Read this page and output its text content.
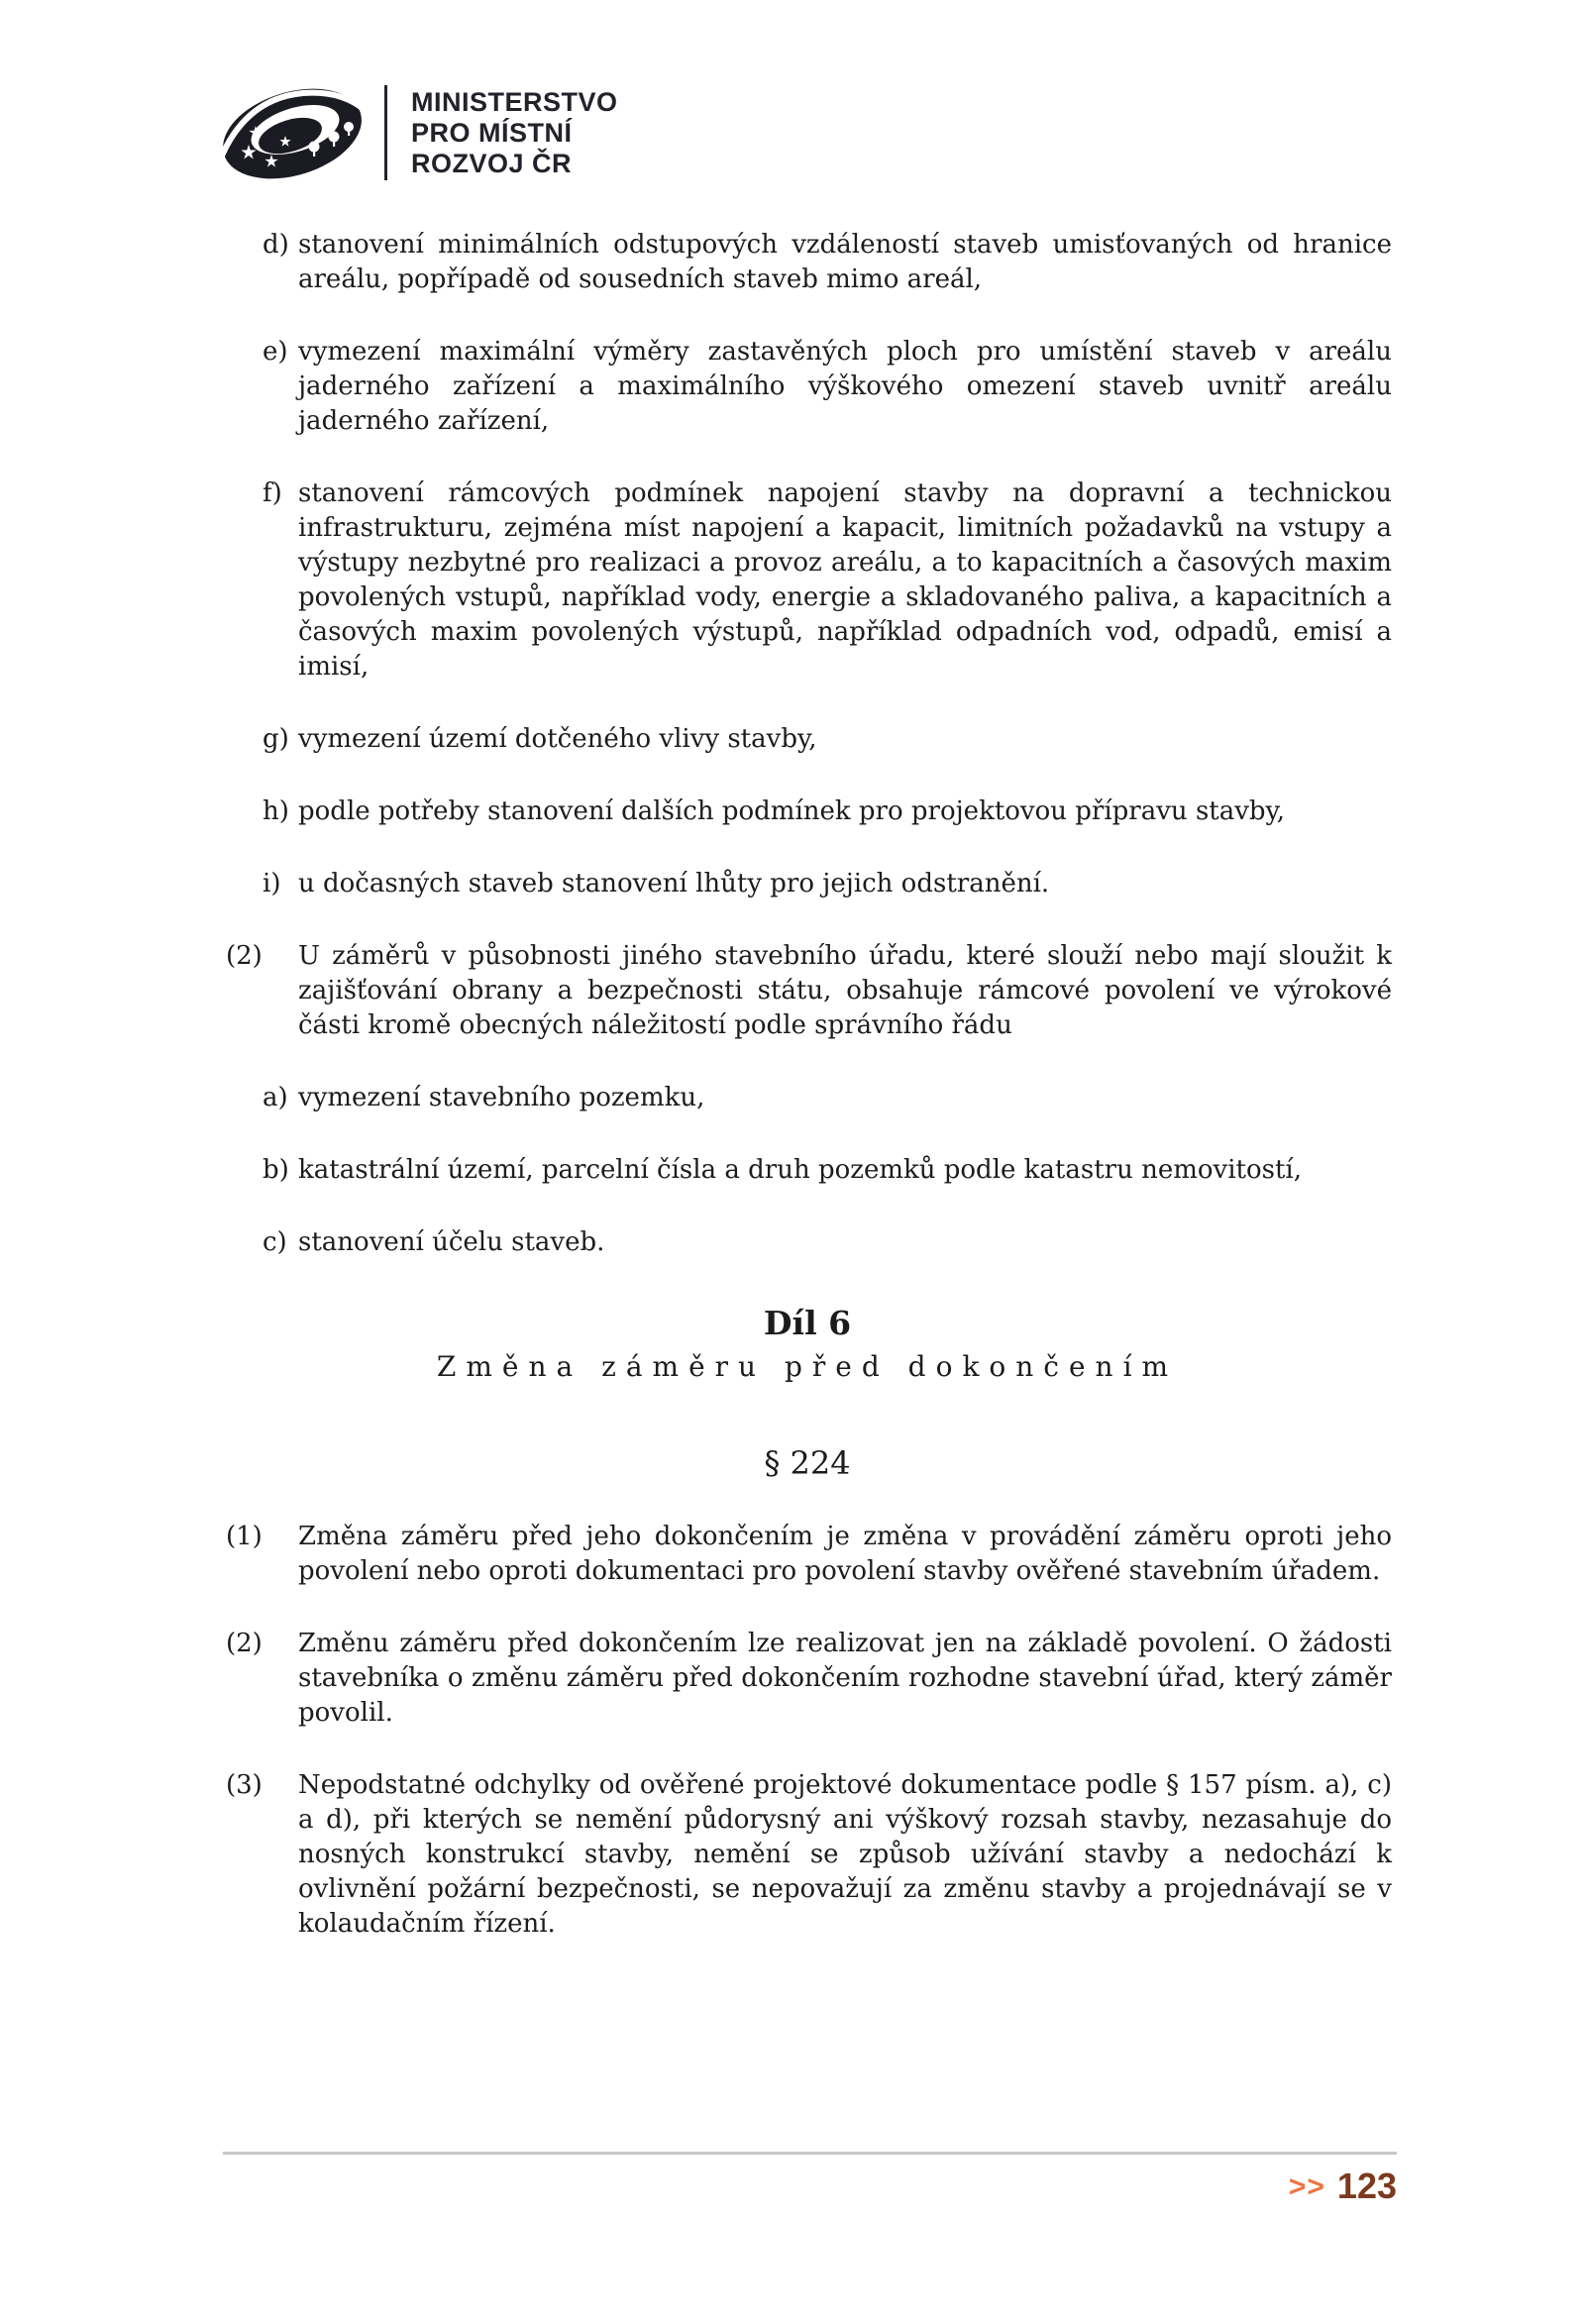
MINISTERSTVO
PRO MÍSTNÍ
ROZVOJ ČR
d) stanovení minimálních odstupových vzdáleností staveb umisťovaných od hranice areálu, popřípadě od sousedních staveb mimo areál,
e) vymezení maximální výměry zastavěných ploch pro umístění staveb v areálu jaderného zařízení a maximálního výškového omezení staveb uvnitř areálu jaderného zařízení,
f) stanovení rámcových podmínek napojení stavby na dopravní a technickou infrastrukturu, zejména míst napojení a kapacit, limitních požadavků na vstupy a výstupy nezbytné pro realizaci a provoz areálu, a to kapacitních a časových maxim povolených vstupů, například vody, energie a skladovaného paliva, a kapacitních a časových maxim povolených výstupů, například odpadních vod, odpadů, emisí a imisí,
g) vymezení území dotčeného vlivy stavby,
h) podle potřeby stanovení dalších podmínek pro projektovou přípravu stavby,
i) u dočasných staveb stanovení lhůty pro jejich odstranění.
(2)	U záměrů v působnosti jiného stavebního úřadu, které slouží nebo mají sloužit k zajišťování obrany a bezpečnosti státu, obsahuje rámcové povolení ve výrokové části kromě obecných náležitostí podle správního řádu
a) vymezení stavebního pozemku,
b) katastrální území, parcelní čísla a druh pozemků podle katastru nemovitostí,
c) stanovení účelu staveb.
Díl 6
Změna záměru před dokončením
§ 224
(1)	Změna záměru před jeho dokončením je změna v provádění záměru oproti jeho povolení nebo oproti dokumentaci pro povolení stavby ověřené stavebním úřadem.
(2)	Změnu záměru před dokončením lze realizovat jen na základě povolení. O žádosti stavebníka o změnu záměru před dokončením rozhodne stavební úřad, který záměr povolil.
(3)	Nepodstatné odchylky od ověřené projektové dokumentace podle § 157 písm. a), c) a d), při kterých se nemění půdorysný ani výškový rozsah stavby, nezasahuje do nosných konstrukcí stavby, nemění se způsob užívání stavby a nedochází k ovlivnění požární bezpečnosti, se nepovažují za změnu stavby a projednávají se v kolaudačním řízení.
>> 123
